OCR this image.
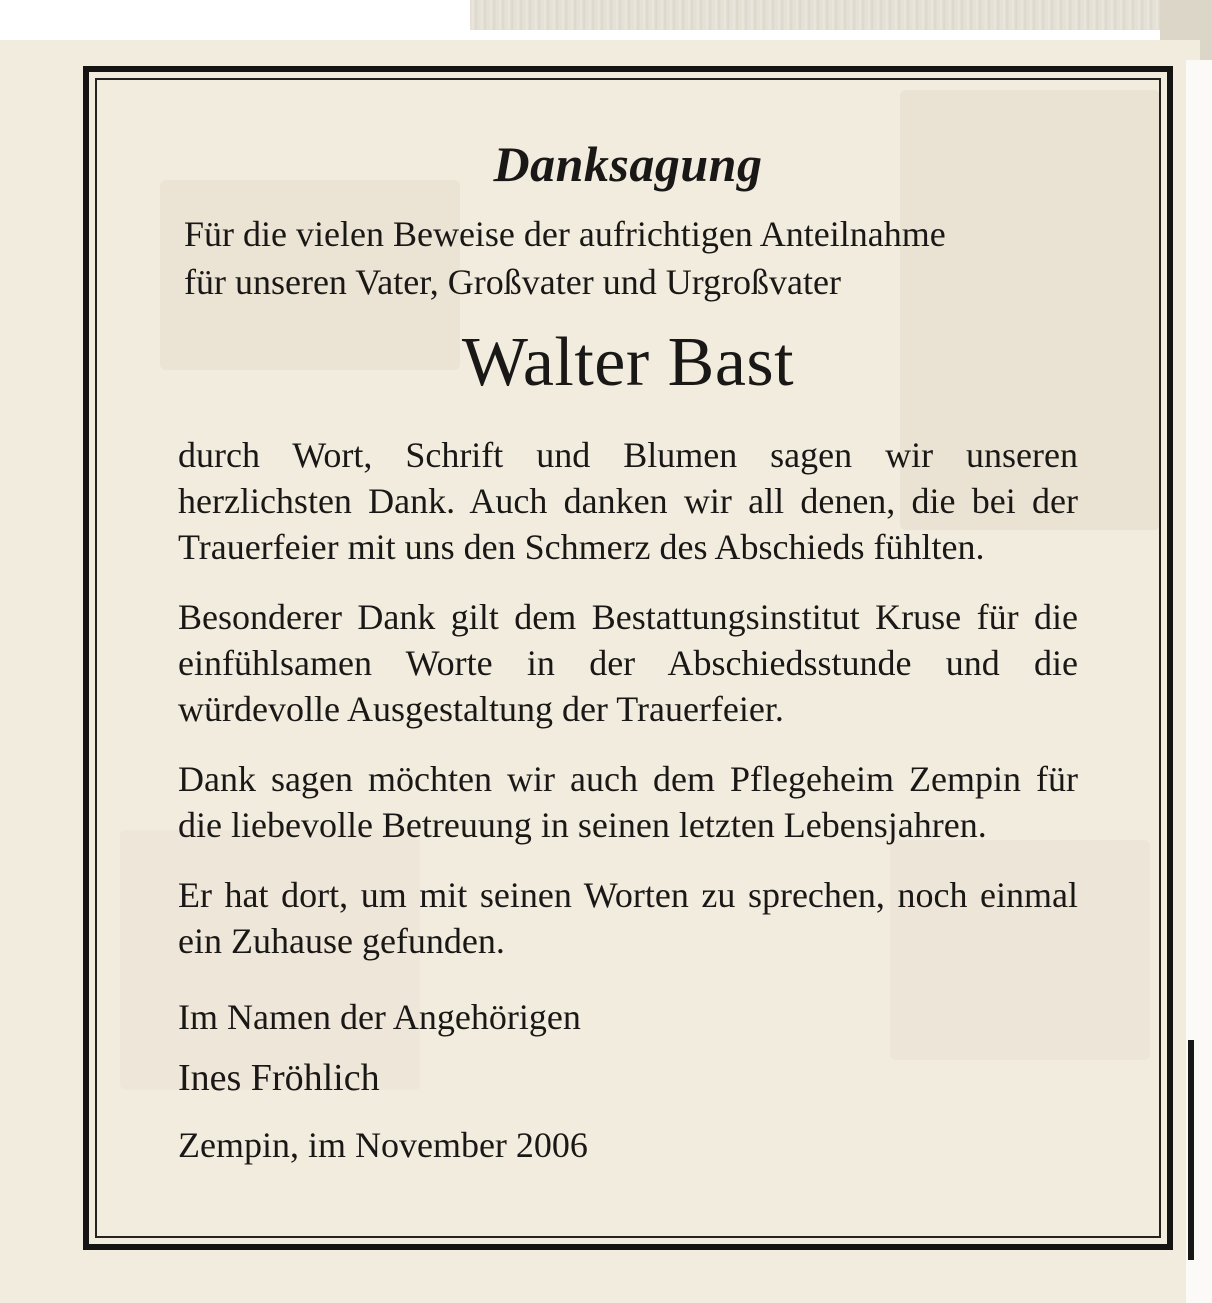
Danksagung

Für die vielen Beweise der aufrichtigen Anteilnahme

für unseren Vater, Großvater und Urgroßvater

Walter Bast

durch Wort, Schrift und Blumen sagen wir unseren herzlichsten Dank. Auch danken wir all denen, die bei der Trauerfeier mit uns den Schmerz des Abschieds fühlten.

Besonderer Dank gilt dem Bestattungsinstitut Kruse für die einfühlsamen Worte in der Abschiedsstunde und die würdevolle Ausgestaltung der Trauerfeier.

Dank sagen möchten wir auch dem Pflegeheim Zempin für die liebevolle Betreuung in seinen letzten Lebensjahren.

Er hat dort, um mit seinen Worten zu sprechen, noch einmal ein Zuhause gefunden.

Im Namen der Angehörigen

Ines Fröhlich

Zempin, im November 2006
